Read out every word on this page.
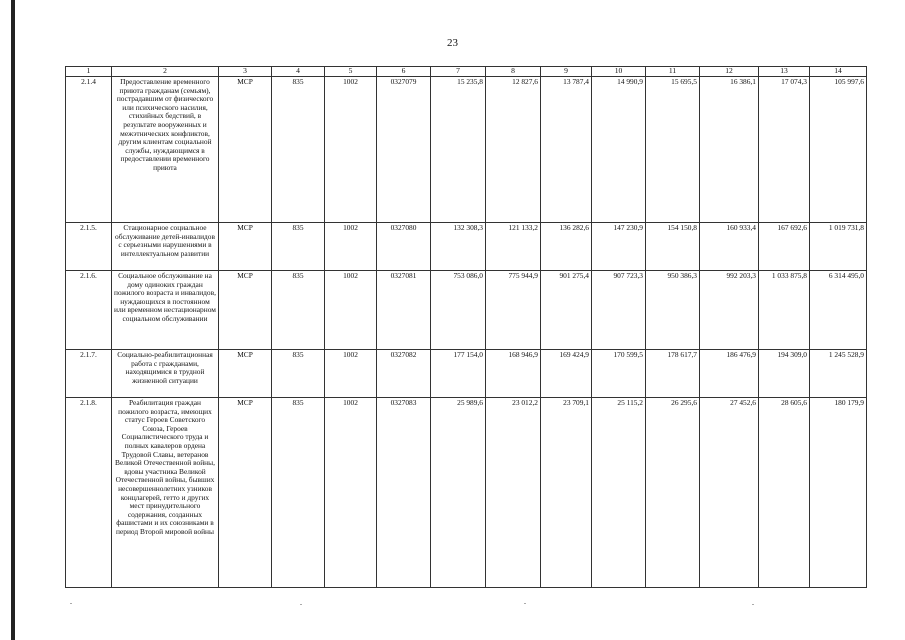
23
1	2	3	4	5	6	7	8	9	10	11	12	13	14
2.1.4	Предоставление временного приюта гражданам (семьям), пострадавшим от физического или психического насилия, стихийных бедствий, в результате вооруженных и межэтнических конфликтов, другим клиентам социальной службы, нуждающимся в предоставлении временного приюта	МСР	835	1002	0327079	15 235,8	12 827,6	13 787,4	14 990,9	15 695,5	16 386,1	17 074,3	105 997,6
2.1.5.	Стационарное социальное обслуживание детей-инвалидов с серьезными нарушениями в интеллектуальном развитии	МСР	835	1002	0327080	132 308,3	121 133,2	136 282,6	147 230,9	154 150,8	160 933,4	167 692,6	1 019 731,8
2.1.6.	Социальное обслуживание на дому одиноких граждан пожилого возраста и инвалидов, нуждающихся в постоянном или временном нестационарном социальном обслуживании	МСР	835	1002	0327081	753 086,0	775 944,9	901 275,4	907 723,3	950 386,3	992 203,3	1 033 875,8	6 314 495,0
2.1.7.	Социально-реабилитационная работа с гражданами, находящимися в трудной жизненной ситуации	МСР	835	1002	0327082	177 154,0	168 946,9	169 424,9	170 599,5	178 617,7	186 476,9	194 309,0	1 245 528,9
2.1.8.	Реабилитация граждан пожилого возраста, имеющих статус Героев Советского Союза, Героев Социалистического труда и полных кавалеров ордена Трудовой Славы, ветеранов Великой Отечественной войны, вдовы участника Великой Отечественной войны, бывших несовершеннолетних узников концлагерей, гетто и других мест принудительного содержания, созданных фашистами и их союзниками в период Второй мировой войны	МСР	835	1002	0327083	25 989,6	23 012,2	23 709,1	25 115,2	26 295,6	27 452,6	28 605,6	180 179,9
